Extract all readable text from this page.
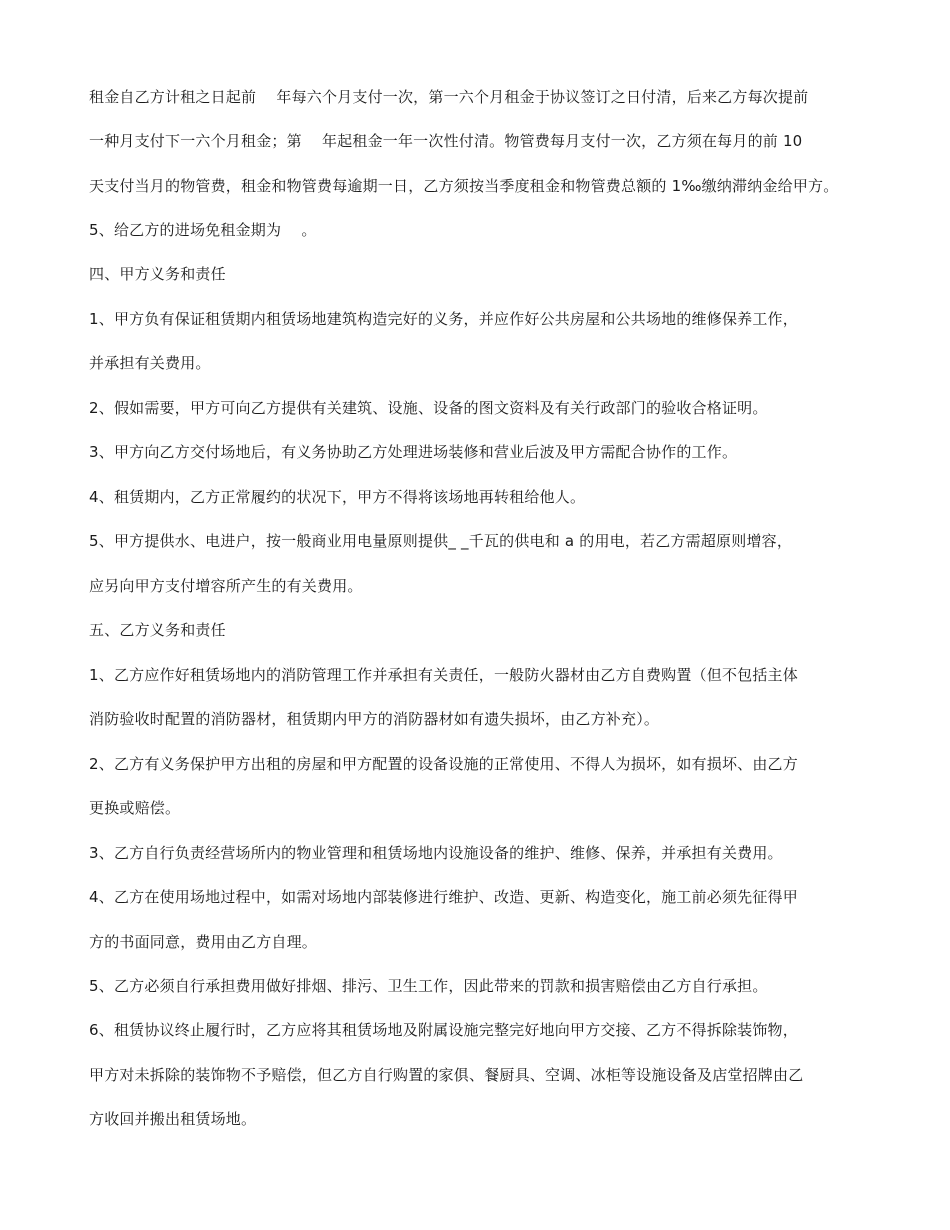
租金自乙方计租之日起前　 年每六个月支付一次，第一六个月租金于协议签订之日付清，后来乙方每次提前
一种月支付下一六个月租金；第　 年起租金一年一次性付清。物管费每月支付一次，乙方须在每月的前 10
天支付当月的物管费，租金和物管费每逾期一日，乙方须按当季度租金和物管费总额的 1‰缴纳滞纳金给甲方。
5、给乙方的进场免租金期为　 。
四、甲方义务和责任
1、甲方负有保证租赁期内租赁场地建筑构造完好的义务，并应作好公共房屋和公共场地的维修保养工作，
并承担有关费用。
2、假如需要，甲方可向乙方提供有关建筑、设施、设备的图文资料及有关行政部门的验收合格证明。
3、甲方向乙方交付场地后，有义务协助乙方处理进场装修和营业后波及甲方需配合协作的工作。
4、租赁期内，乙方正常履约的状况下，甲方不得将该场地再转租给他人。
5、甲方提供水、电进户，按一般商业用电量原则提供_ _千瓦的供电和 a 的用电，若乙方需超原则增容，
应另向甲方支付增容所产生的有关费用。
五、乙方义务和责任
1、乙方应作好租赁场地内的消防管理工作并承担有关责任，一般防火器材由乙方自费购置（但不包括主体
消防验收时配置的消防器材，租赁期内甲方的消防器材如有遗失损坏，由乙方补充）。
2、乙方有义务保护甲方出租的房屋和甲方配置的设备设施的正常使用、不得人为损坏，如有损坏、由乙方
更换或赔偿。
3、乙方自行负责经营场所内的物业管理和租赁场地内设施设备的维护、维修、保养，并承担有关费用。
4、乙方在使用场地过程中，如需对场地内部装修进行维护、改造、更新、构造变化，施工前必须先征得甲
方的书面同意，费用由乙方自理。
5、乙方必须自行承担费用做好排烟、排污、卫生工作，因此带来的罚款和损害赔偿由乙方自行承担。
6、租赁协议终止履行时，乙方应将其租赁场地及附属设施完整完好地向甲方交接、乙方不得拆除装饰物，
甲方对未拆除的装饰物不予赔偿，但乙方自行购置的家俱、餐厨具、空调、冰柜等设施设备及店堂招牌由乙
方收回并搬出租赁场地。
